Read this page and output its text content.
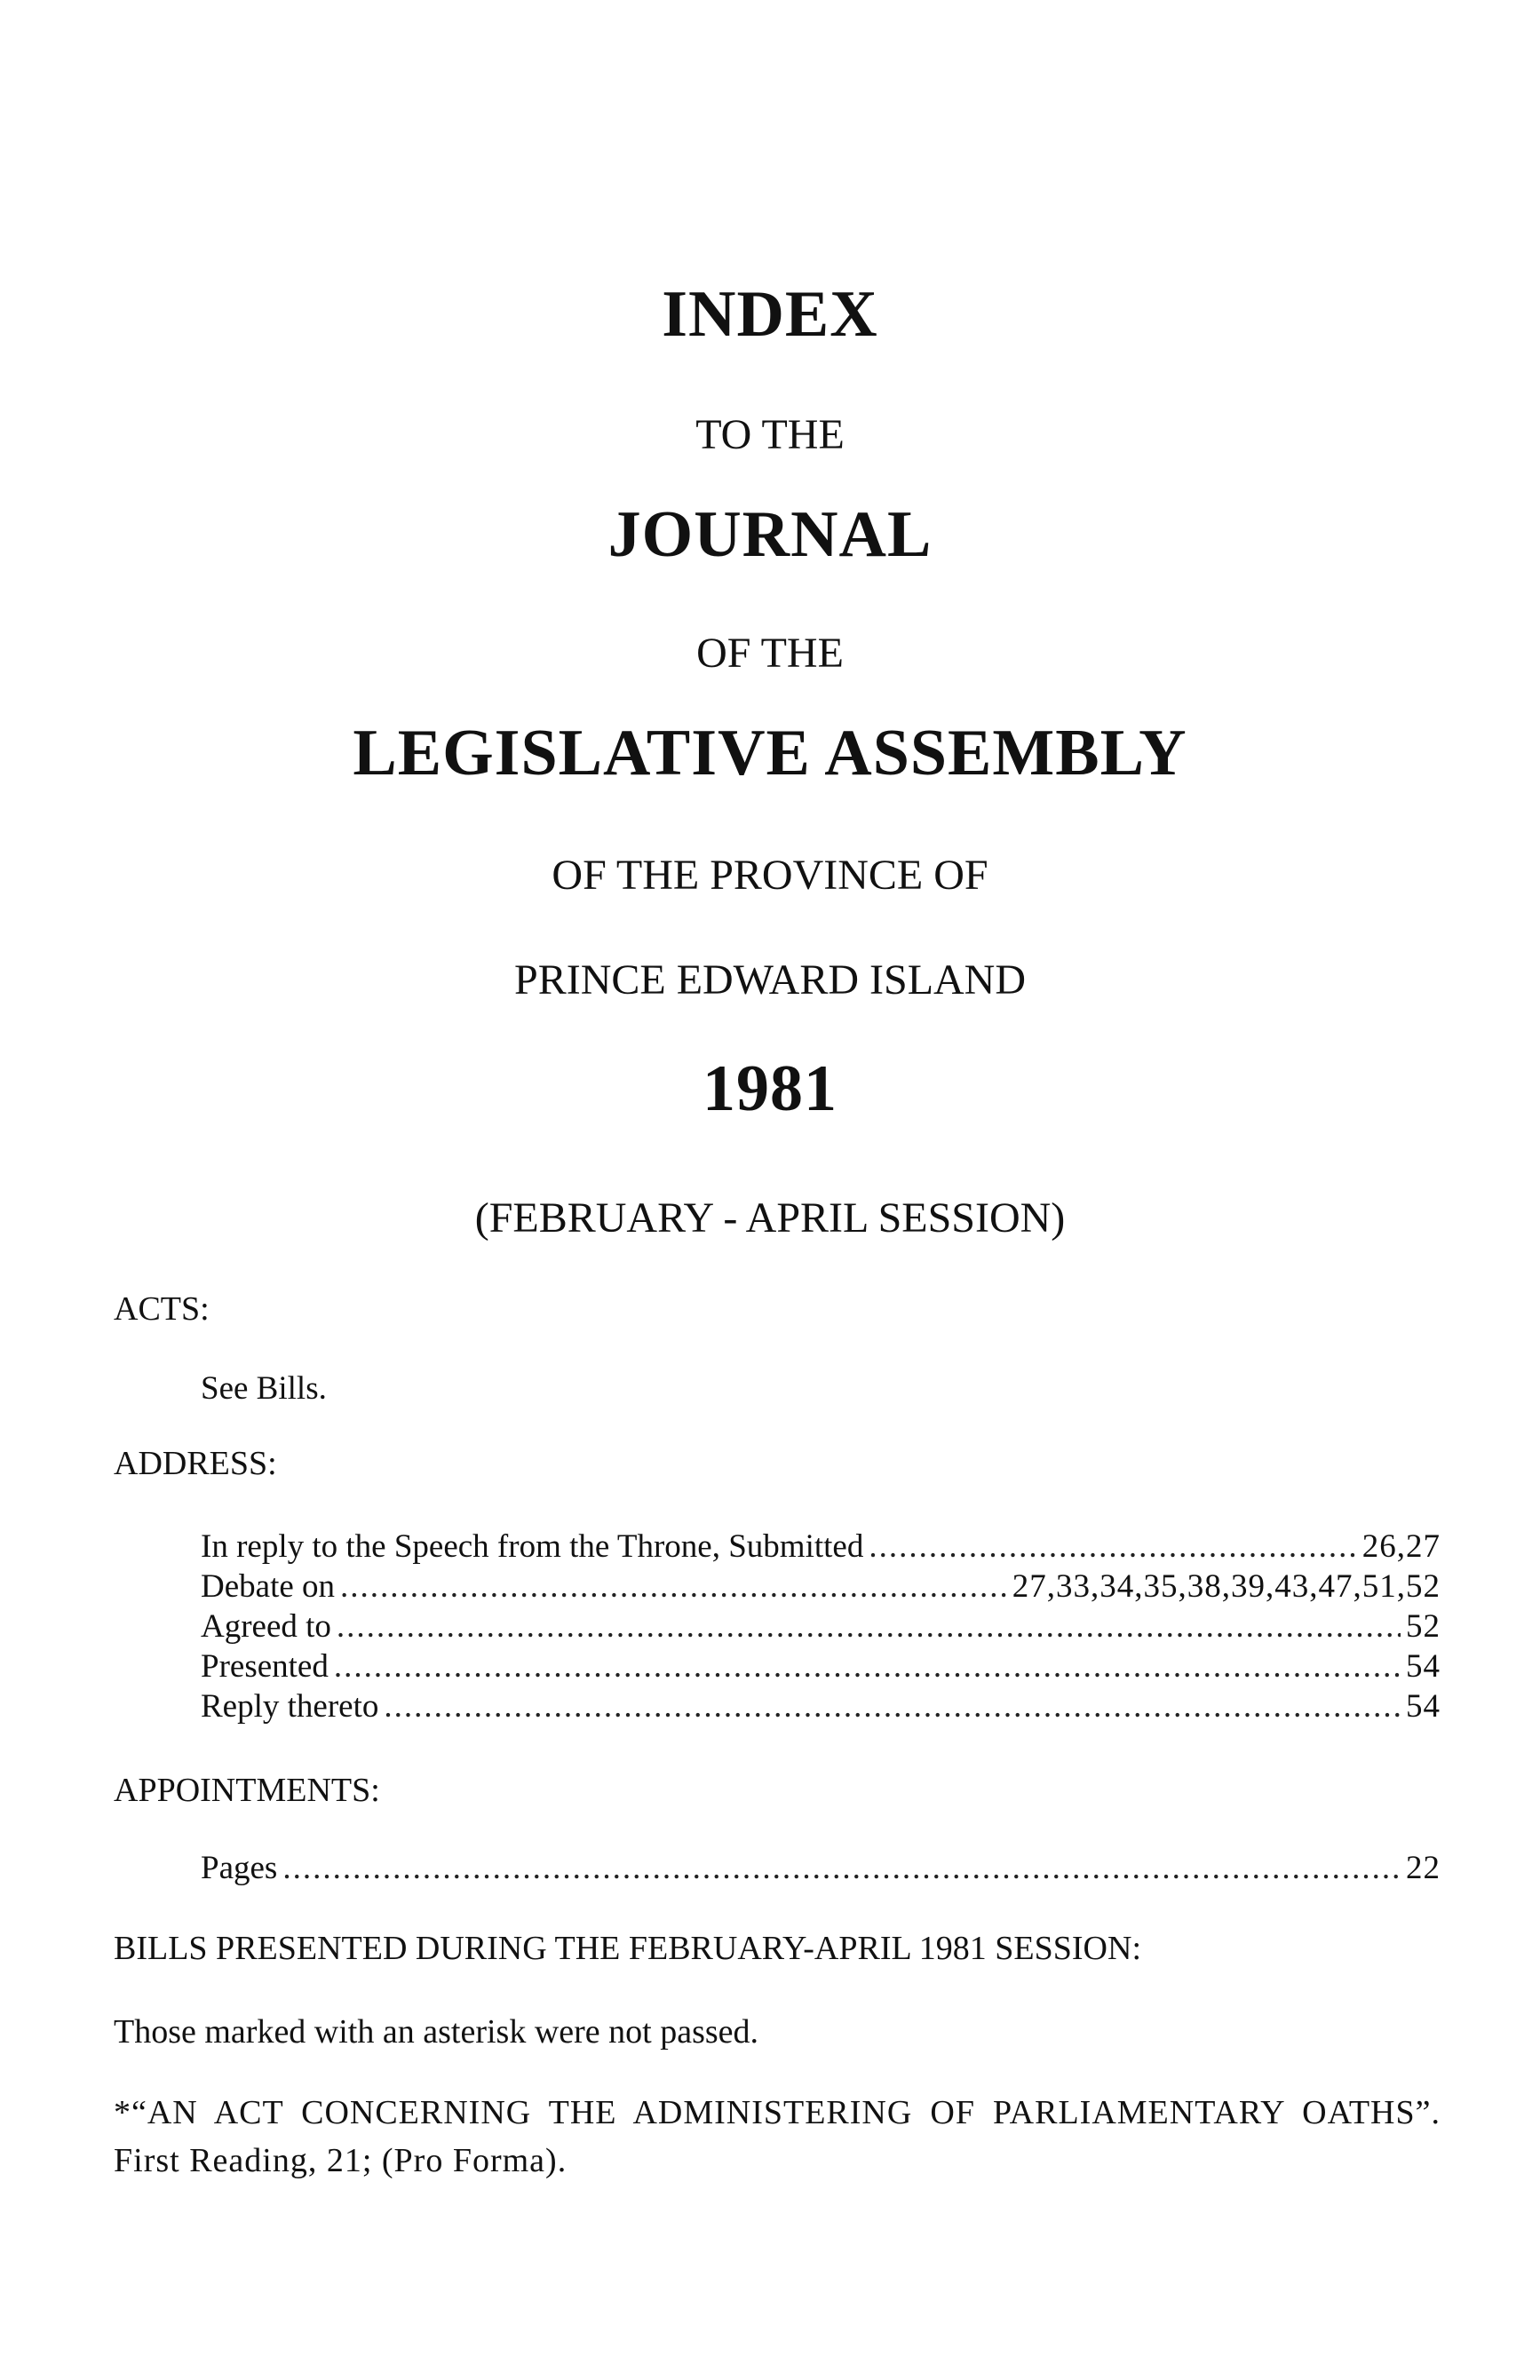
INDEX
TO THE
JOURNAL
OF THE
LEGISLATIVE ASSEMBLY
OF THE PROVINCE OF
PRINCE EDWARD ISLAND
1981
(FEBRUARY - APRIL SESSION)
ACTS:
See Bills.
ADDRESS:
In reply to the Speech from the Throne, Submitted .....	26,27
Debate on .....	27,33,34,35,38,39,43,47,51,52
Agreed to .....	52
Presented .....	54
Reply thereto .....	54
APPOINTMENTS:
Pages .....	22
BILLS PRESENTED DURING THE FEBRUARY-APRIL 1981 SESSION:
Those marked with an asterisk were not passed.
*“AN ACT CONCERNING THE ADMINISTERING OF PARLIAMENTARY OATHS”. First Reading, 21; (Pro Forma).
